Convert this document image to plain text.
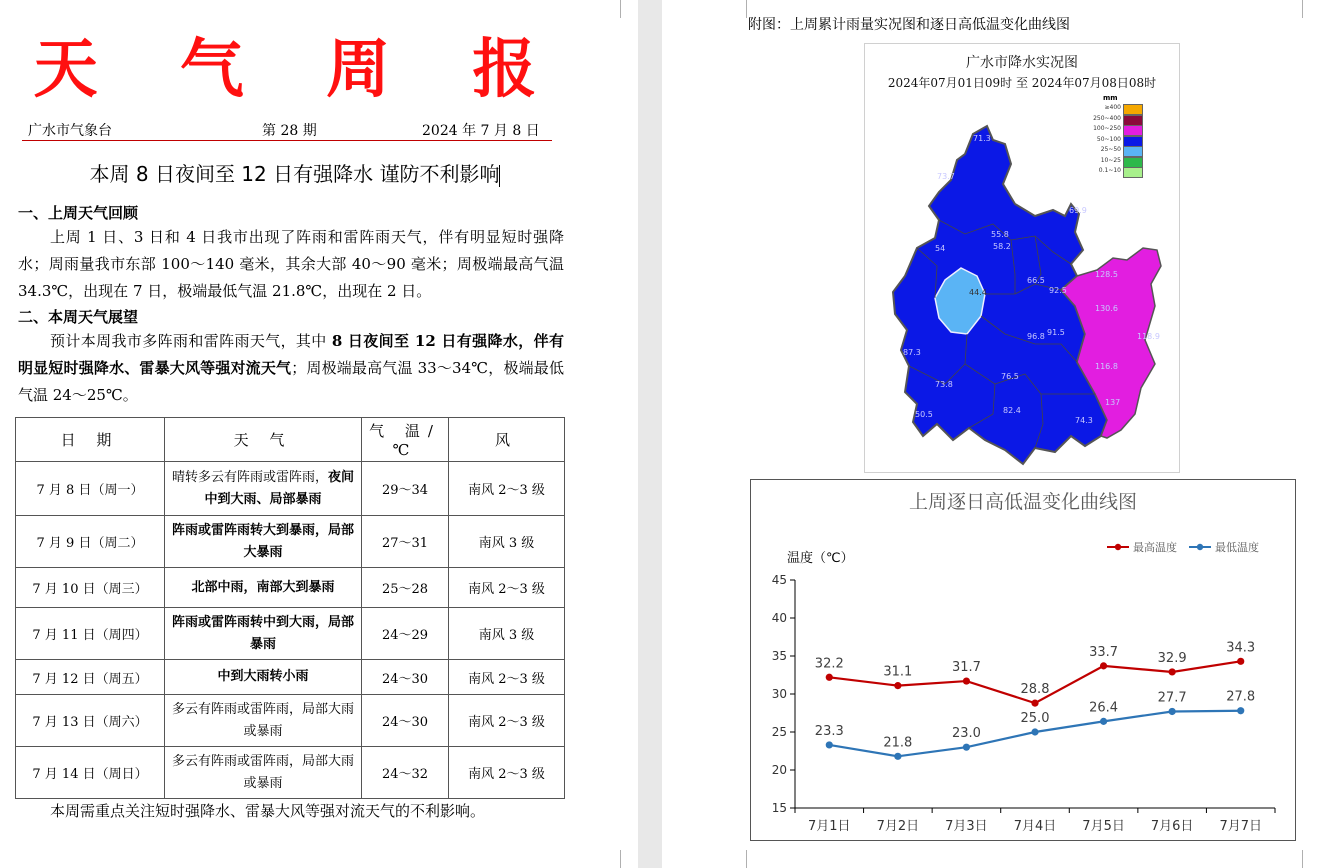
天 气 周 报
广水市气象台	第 28 期	2024 年 7 月 8 日
本周 8 日夜间至 12 日有强降水 谨防不利影响
一、上周天气回顾
上周 1 日、3 日和 4 日我市出现了阵雨和雷阵雨天气，伴有明显短时强降水；周雨量我市东部 100～140 毫米，其余大部 40～90 毫米；周极端最高气温 34.3℃，出现在 7 日，极端最低气温 21.8℃，出现在 2 日。
二、本周天气展望
预计本周我市多阵雨和雷阵雨天气，其中 8 日夜间至 12 日有强降水，伴有明显短时强降水、雷暴大风等强对流天气；周极端最高气温 33～34℃，极端最低气温 24～25℃。
日 期	天 气	气 温/℃	风
7 月 8 日（周一）	晴转多云有阵雨或雷阵雨，夜间中到大雨、局部暴雨	29～34	南风 2～3 级
7 月 9 日（周二）	阵雨或雷阵雨转大到暴雨，局部大暴雨	27～31	南风 3 级
7 月 10 日（周三）	北部中雨，南部大到暴雨	25～28	南风 2～3 级
7 月 11 日（周四）	阵雨或雷阵雨转中到大雨，局部暴雨	24～29	南风 3 级
7 月 12 日（周五）	中到大雨转小雨	24～30	南风 2～3 级
7 月 13 日（周六）	多云有阵雨或雷阵雨，局部大雨或暴雨	24～30	南风 2～3 级
7 月 14 日（周日）	多云有阵雨或雷阵雨，局部大雨或暴雨	24～32	南风 2～3 级
本周需重点关注短时强降水、雷暴大风等强对流天气的不利影响。
附图：上周累计雨量实况图和逐日高低温变化曲线图
广水市降水实况图
2024年07月01日09时 至 2024年07月08日08时
71.3
73.7
69.9
55.8
54	58.2
44.4
66.5
92.5
128.5
130.6
118.9
87.3
96.8 91.5
116.8
73.8
76.5
137
50.5	82.4
74.3
mm
≥400
250~400
100~250
50~100
25~50
10~25
0.1~10
上周逐日高低温变化曲线图
温度（℃）
最高温度	最低温度
15
20
25
30
35
40
45
7月1日 7月2日 7月3日 7月4日 7月5日 7月6日 7月7日
32.2
31.1	31.7
28.8
33.7	32.9
34.3
23.3
21.8
23.0
25.0
26.4
27.7	27.8
